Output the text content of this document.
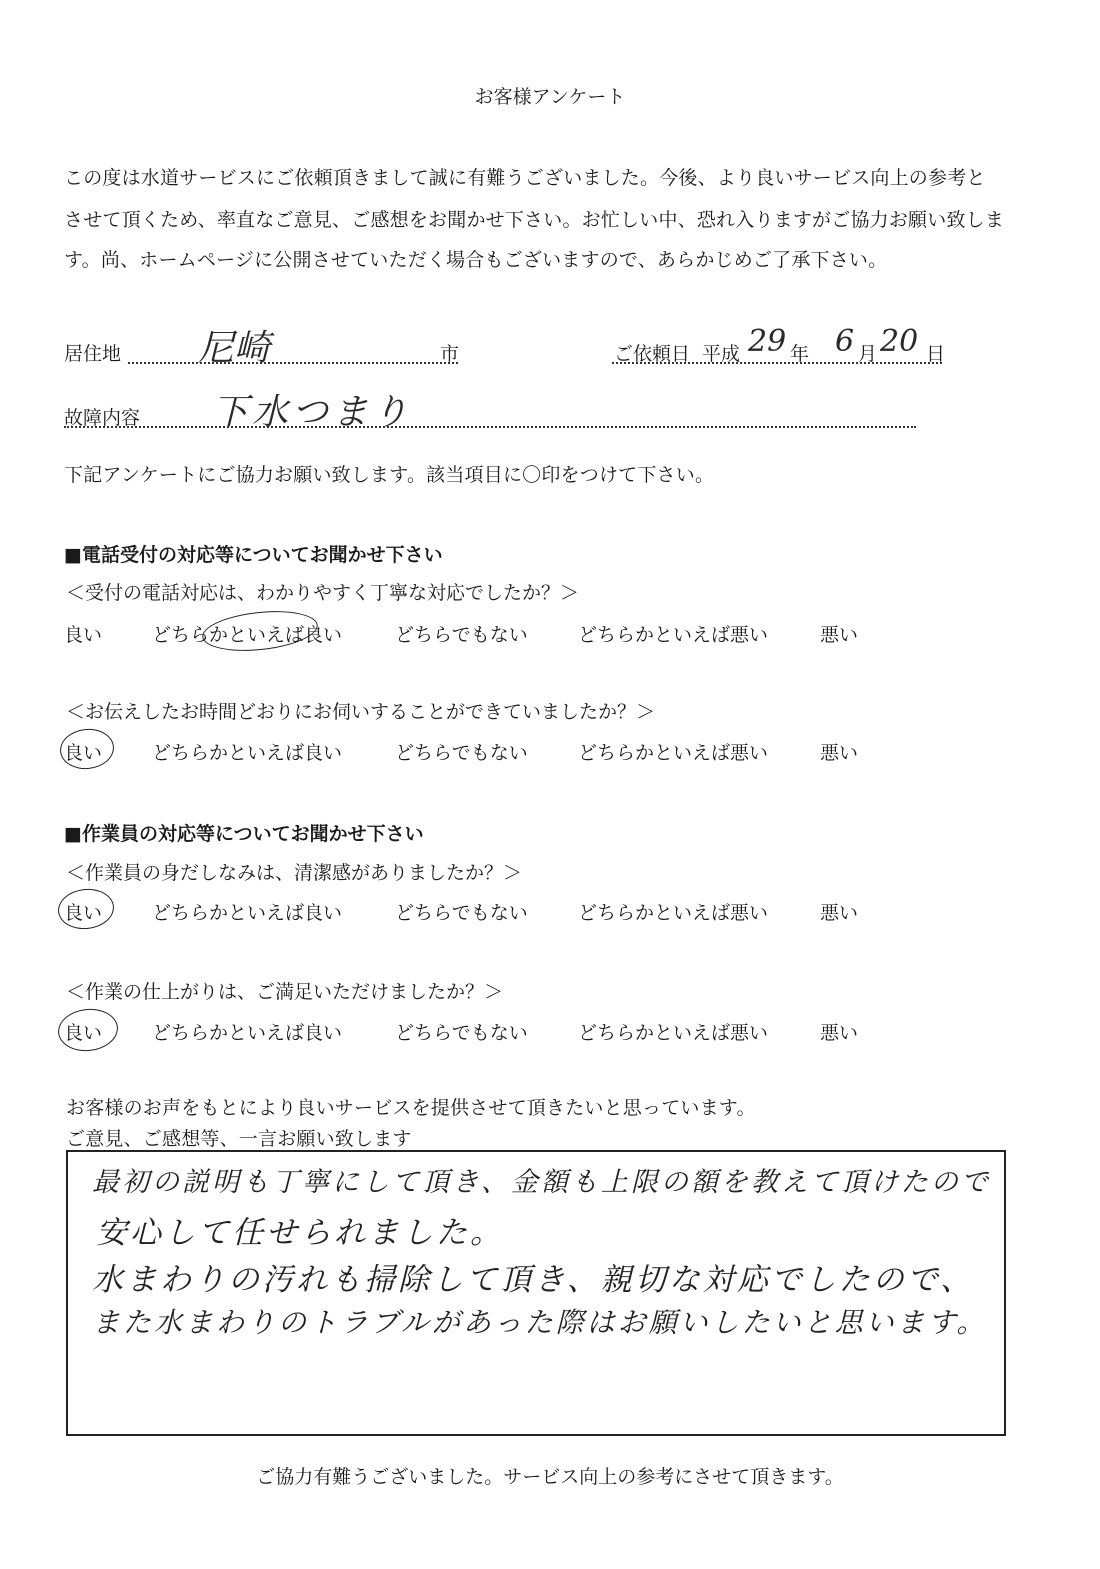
お客様アンケート
この度は水道サービスにご依頼頂きまして誠に有難うございました。今後、より良いサービス向上の参考と
させて頂くため、率直なご意見、ご感想をお聞かせ下さい。お忙しい中、恐れ入りますがご協力お願い致しま
す。尚、ホームページに公開させていただく場合もございますので、あらかじめご了承下さい。
居住地 尼崎	市	ご依頼日 平成 29 年 6 月 20 日
故障内容 下水つまり
下記アンケートにご協力お願い致します。該当項目に〇印をつけて下さい。
■電話受付の対応等についてお聞かせ下さい
＜受付の電話対応は、わかりやすく丁寧な対応でしたか？＞
良い	どちらかといえば良い	どちらでもない	どちらかといえば悪い	悪い
＜お伝えしたお時間どおりにお伺いすることができていましたか？＞
良い	どちらかといえば良い	どちらでもない	どちらかといえば悪い	悪い
■作業員の対応等についてお聞かせ下さい
＜作業員の身だしなみは、清潔感がありましたか？＞
良い	どちらかといえば良い	どちらでもない	どちらかといえば悪い	悪い
＜作業の仕上がりは、ご満足いただけましたか？＞
良い	どちらかといえば良い	どちらでもない	どちらかといえば悪い	悪い
お客様のお声をもとにより良いサービスを提供させて頂きたいと思っています。
ご意見、ご感想等、一言お願い致します
最初の説明も丁寧にして頂き、金額も上限の額を教えて頂けたので
安心して任せられました。
水まわりの汚れも掃除して頂き、親切な対応でしたので、
また水まわりのトラブルがあった際はお願いしたいと思います。
ご協力有難うございました。サービス向上の参考にさせて頂きます。
